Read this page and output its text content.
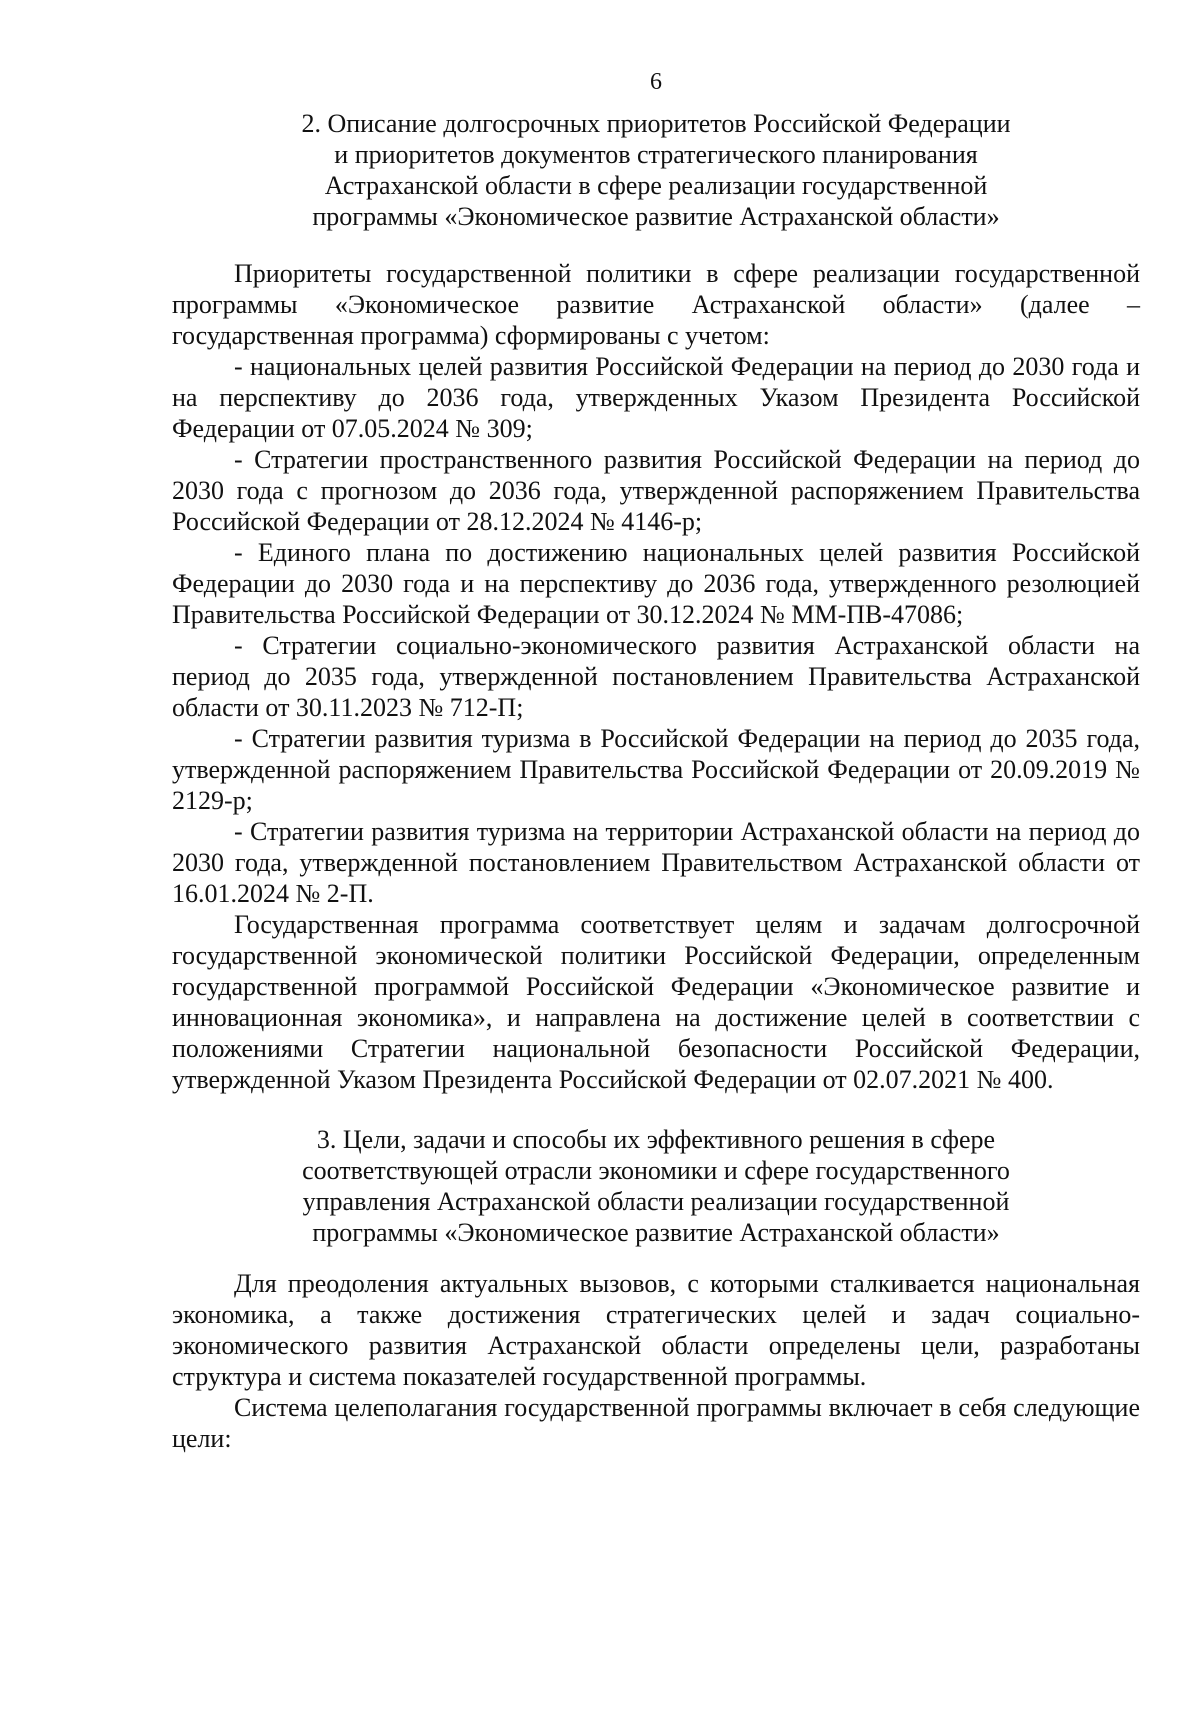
6
2. Описание долгосрочных приоритетов Российской Федерации
и приоритетов документов стратегического планирования
Астраханской области в сфере реализации государственной
программы «Экономическое развитие Астраханской области»

Приоритеты государственной политики в сфере реализации государственной программы «Экономическое развитие Астраханской области» (далее – государственная программа) сформированы с учетом:

- национальных целей развития Российской Федерации на период до 2030 года и на перспективу до 2036 года, утвержденных Указом Президента Российской Федерации от 07.05.2024 № 309;

- Стратегии пространственного развития Российской Федерации на период до 2030 года с прогнозом до 2036 года, утвержденной распоряжением Правительства Российской Федерации от 28.12.2024 № 4146-р;

- Единого плана по достижению национальных целей развития Российской Федерации до 2030 года и на перспективу до 2036 года, утвержденного резолюцией Правительства Российской Федерации от 30.12.2024 № ММ-ПВ-47086;

- Стратегии социально-экономического развития Астраханской области на период до 2035 года, утвержденной постановлением Правительства Астраханской области от 30.11.2023 № 712-П;

- Стратегии развития туризма в Российской Федерации на период до 2035 года, утвержденной распоряжением Правительства Российской Федерации от 20.09.2019 № 2129-р;

- Стратегии развития туризма на территории Астраханской области на период до 2030 года, утвержденной постановлением Правительством Астраханской области от 16.01.2024 № 2-П.

Государственная программа соответствует целям и задачам долгосрочной государственной экономической политики Российской Федерации, определенным государственной программой Российской Федерации «Экономическое развитие и инновационная экономика», и направлена на достижение целей в соответствии с положениями Стратегии национальной безопасности Российской Федерации, утвержденной Указом Президента Российской Федерации от 02.07.2021 № 400.

3. Цели, задачи и способы их эффективного решения в сфере
соответствующей отрасли экономики и сфере государственного
управления Астраханской области реализации государственной
программы «Экономическое развитие Астраханской области»

Для преодоления актуальных вызовов, с которыми сталкивается национальная экономика, а также достижения стратегических целей и задач социально-экономического развития Астраханской области определены цели, разработаны структура и система показателей государственной программы.

Система целеполагания государственной программы включает в себя следующие цели:
